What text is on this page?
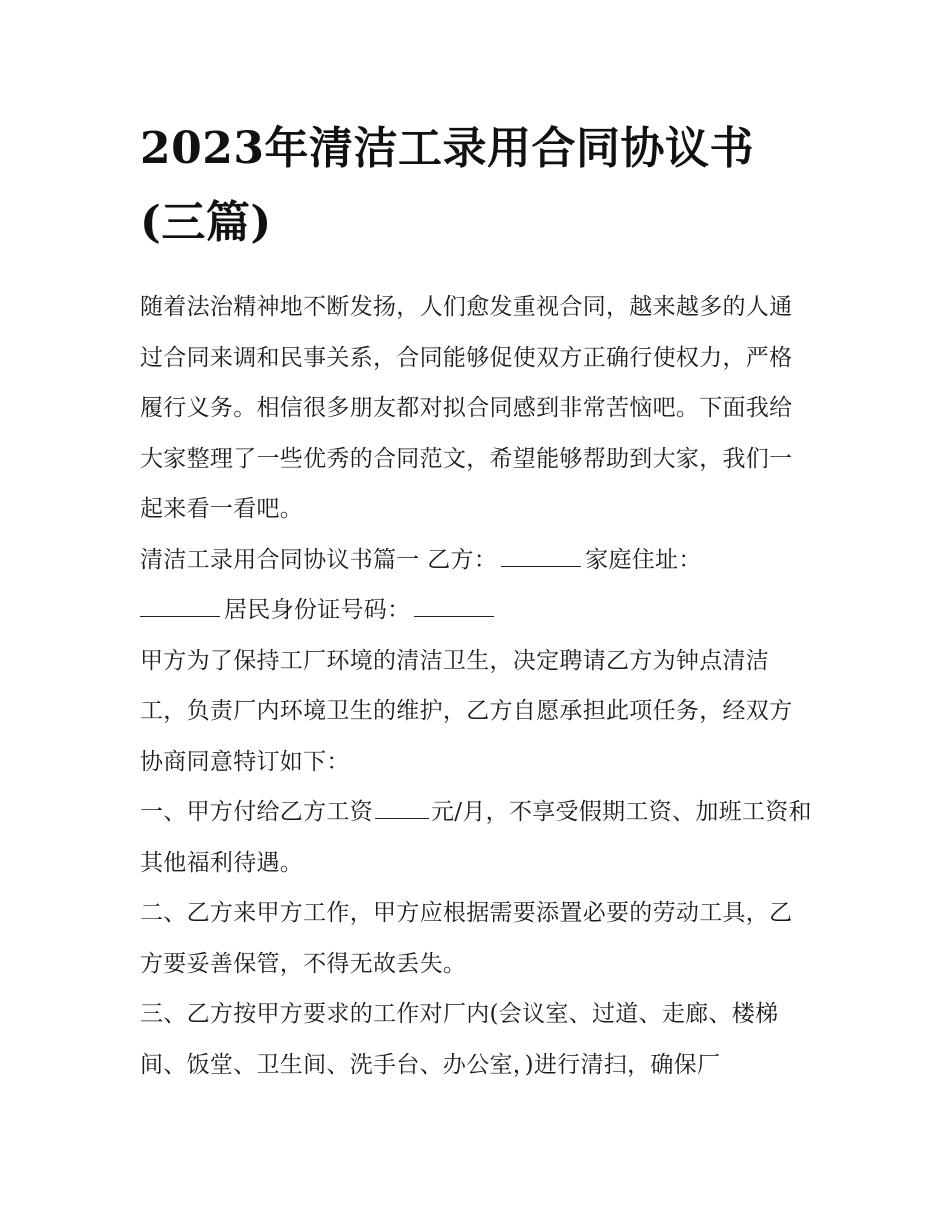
2023年清洁工录用合同协议书(三篇)

随着法治精神地不断发扬，人们愈发重视合同，越来越多的人通过合同来调和民事关系，合同能够促使双方正确行使权力，严格履行义务。相信很多朋友都对拟合同感到非常苦恼吧。下面我给大家整理了一些优秀的合同范文，希望能够帮助到大家，我们一起来看一看吧。

清洁工录用合同协议书篇一 乙方：	家庭住址：
居民身份证号码：

甲方为了保持工厂环境的清洁卫生，决定聘请乙方为钟点清洁工，负责厂内环境卫生的维护，乙方自愿承担此项任务，经双方协商同意特订如下：

一、甲方付给乙方工资	元/月，不享受假期工资、加班工资和其他福利待遇。

二、乙方来甲方工作，甲方应根据需要添置必要的劳动工具，乙方要妥善保管，不得无故丢失。

三、乙方按甲方要求的工作对厂内(会议室、过道、走廊、楼梯间、饭堂、卫生间、洗手台、办公室，)进行清扫，确保厂
